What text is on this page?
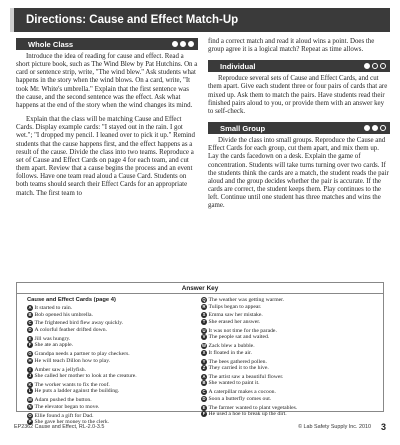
Directions: Cause and Effect Match-Up
Whole Class

Introduce the idea of reading for cause and effect. Read a short picture book, such as The Wind Blew by Pat Hutchins. On a card or sentence strip, write, "The wind blew." Ask students what happens in the story when the wind blows. On a card, write, "It took Mr. White's umbrella." Explain that the first sentence was the cause, and the second sentence was the effect. Ask what happens at the end of the story when the wind changes its mind.

Explain that the class will be matching Cause and Effect Cards. Display example cards: "I stayed out in the rain. I got wet."; "I dropped my pencil. I leaned over to pick it up." Remind students that the cause happens first, and the effect happens as a result of the cause. Divide the class into two teams. Reproduce a set of Cause and Effect Cards on page 4 for each team, and cut them apart. Review that a cause begins the process and an event follows. Have one team read aloud a Cause Card. Students on both teams should search their Effect Cards for an appropriate match. The first team to

find a correct match and read it aloud wins a point. Does the group agree it is a logical match? Repeat as time allows.

Individual

Reproduce several sets of Cause and Effect Cards, and cut them apart. Give each student three or four pairs of cards that are mixed up. Ask them to match the pairs. Have students read their finished pairs aloud to you, or provide them with an answer key to self-check.

Small Group

Divide the class into small groups. Reproduce the Cause and Effect Cards for each group, cut them apart, and mix them up. Lay the cards facedown on a desk. Explain the game of concentration. Students will take turns turning over two cards. If the students think the cards are a match, the student reads the pair aloud and the group decides whether the pair is accurate. If the cards are correct, the student keeps them. Play continues to the left. Continue until one student has three matches and wins the game.

Answer Key
Cause and Effect Cards (page 4)
A It started to rain.
B Bob opened his umbrella.
C The frightened bird flew away quickly.
D A colorful feather drifted down.
E Jill was hungry.
F She ate an apple.
G Grandpa needs a partner to play checkers.
H He will teach Dillon how to play.
I Amber saw a jellyfish.
J She called her mother to look at the creature.
K The worker wants to fix the roof.
L He puts a ladder against the building.
M Adam pushed the button.
N The elevator began to move.
O Ellie found a gift for Dad.
P She gave her money to the clerk.
Q The weather was getting warmer.
R Tulips began to appear.
S Emma saw her mistake.
T She erased her answer.
U It was not time for the parade.
V The people sat and waited.
W Zack blew a bubble.
X It floated in the air.
Y The bees gathered pollen.
Z They carried it to the hive.
A The artist saw a beautiful flower.
B She wanted to paint it.
C A caterpillar makes a cocoon.
D Soon a butterfly comes out.
E The farmer wanted to plant vegetables.
F He used a hoe to break up the dirt.
EP2362 Cause and Effect, RL-2.0-3.5	© Lab Safety Supply Inc. 2010 3
